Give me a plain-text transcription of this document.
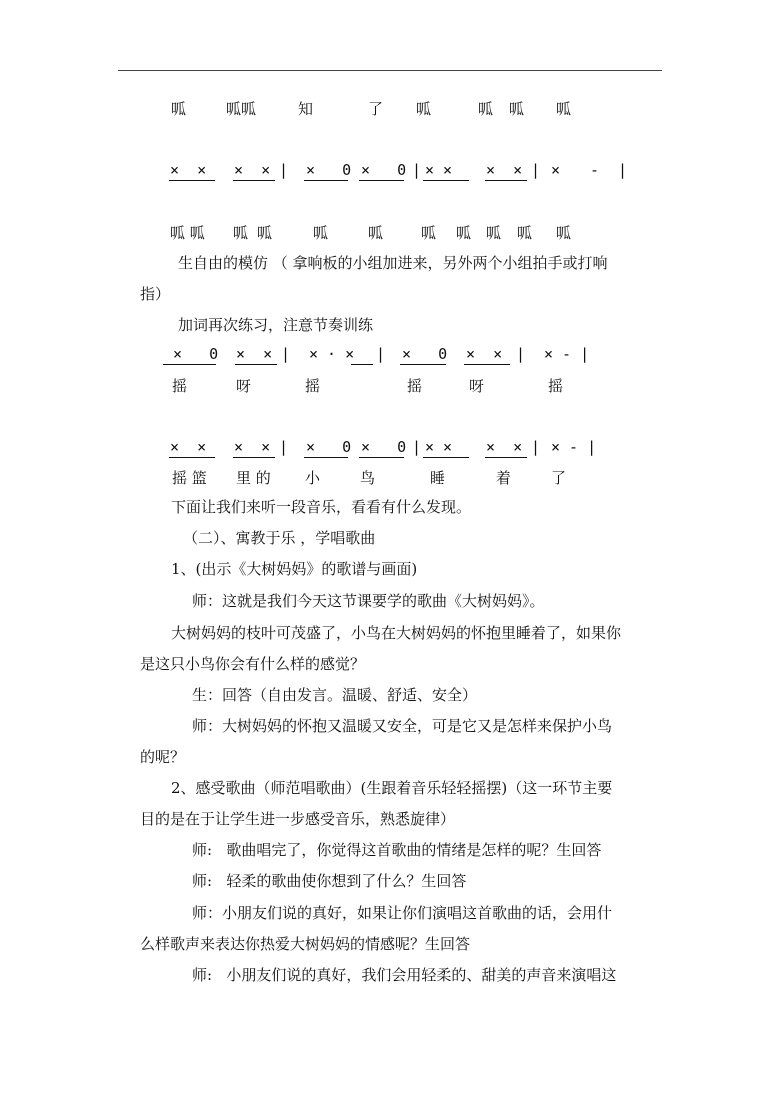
呱	呱呱	知	了 呱	呱 呱 呱
×  × ×  × | ×   0 ×   0 | × × ×  × | × - |
呱 呱 呱 呱	呱	呱	呱 呱 呱 呱 呱
生自由的模仿 （ 拿响板的小组加进来，另外两个小组拍手或打响
指）
加词再次练习，注意节奏训练
×   0 ×  × | × · × | ×   0 ×  × | × - |
摇	呀	摇	摇	呀	摇
×  × ×  × | ×   0 ×   0 | × × ×  × | × - |
摇 篮 里 的 小	鸟	睡	着	了
下面让我们来听一段音乐，看看有什么发现。
（二）、寓教于乐 ，学唱歌曲
1、(出示《大树妈妈》的歌谱与画面)
师：这就是我们今天这节课要学的歌曲《大树妈妈》。
大树妈妈的枝叶可茂盛了，小鸟在大树妈妈的怀抱里睡着了，如果你
是这只小鸟你会有什么样的感觉？
生：回答（自由发言。温暖、舒适、安全）
师：大树妈妈的怀抱又温暖又安全，可是它又是怎样来保护小鸟
的呢？
2、感受歌曲（师范唱歌曲）(生跟着音乐轻轻摇摆)（这一环节主要
目的是在于让学生进一步感受音乐，熟悉旋律）
师:   歌曲唱完了，你觉得这首歌曲的情绪是怎样的呢？生回答
师:   轻柔的歌曲使你想到了什么？生回答
师：小朋友们说的真好，如果让你们演唱这首歌曲的话，会用什
么样歌声来表达你热爱大树妈妈的情感呢？生回答
师:   小朋友们说的真好，我们会用轻柔的、甜美的声音来演唱这
